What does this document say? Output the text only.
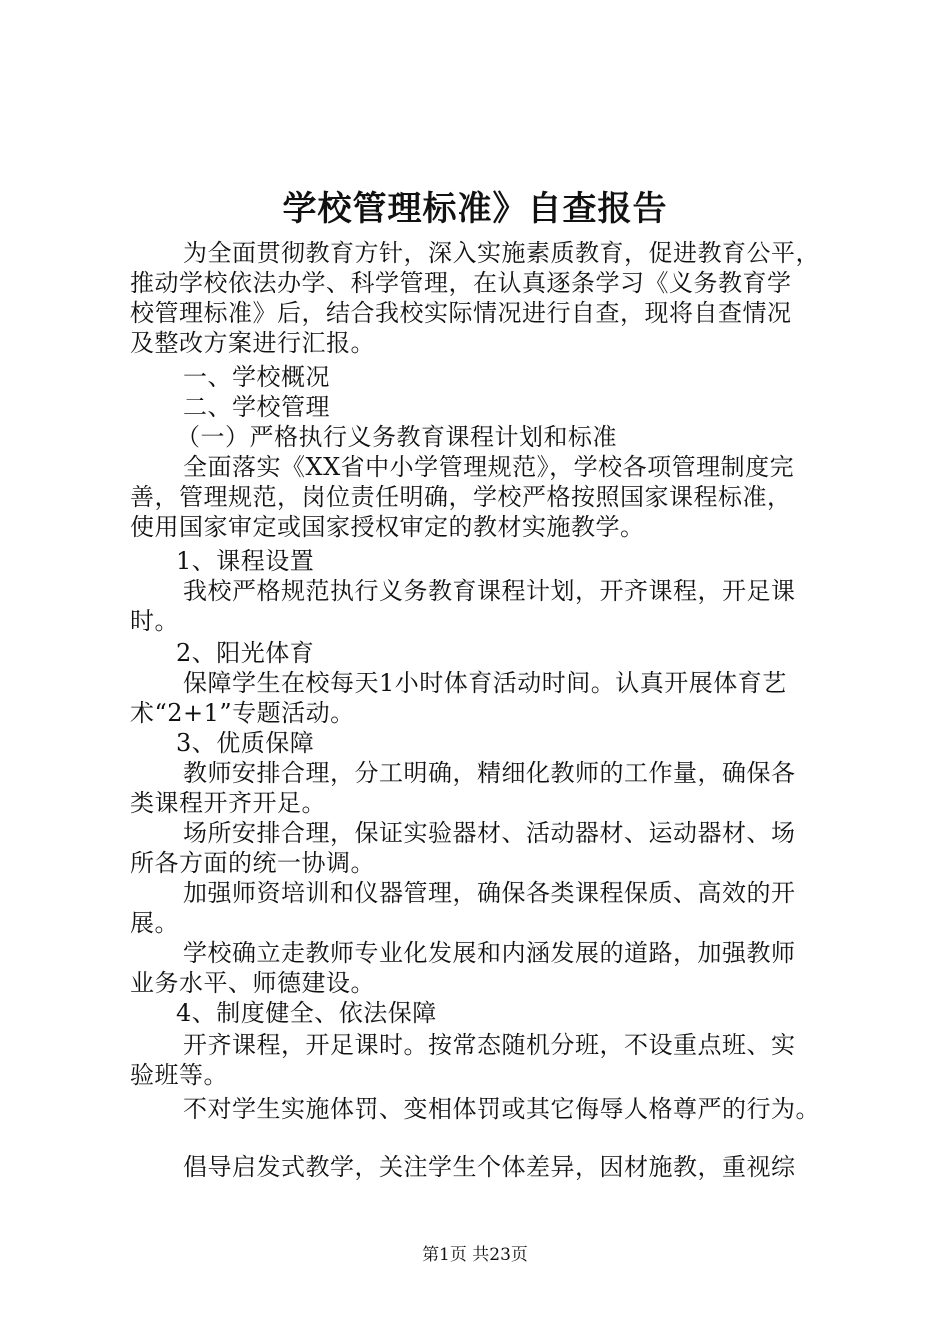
学校管理标准》自查报告
为全面贯彻教育方针，深入实施素质教育，促进教育公平，
推动学校依法办学、科学管理，在认真逐条学习《义务教育学
校管理标准》后，结合我校实际情况进行自查，现将自查情况
及整改方案进行汇报。
一、学校概况
二、学校管理
（一）严格执行义务教育课程计划和标准
全面落实《XX省中小学管理规范》，学校各项管理制度完
善，管理规范，岗位责任明确，学校严格按照国家课程标准，
使用国家审定或国家授权审定的教材实施教学。
1、课程设置
我校严格规范执行义务教育课程计划，开齐课程，开足课
时。
2、阳光体育
保障学生在校每天1小时体育活动时间。认真开展体育艺
术“2+1”专题活动。
3、优质保障
教师安排合理，分工明确，精细化教师的工作量，确保各
类课程开齐开足。
场所安排合理，保证实验器材、活动器材、运动器材、场
所各方面的统一协调。
加强师资培训和仪器管理，确保各类课程保质、高效的开
展。
学校确立走教师专业化发展和内涵发展的道路，加强教师
业务水平、师德建设。
4、制度健全、依法保障
开齐课程，开足课时。按常态随机分班，不设重点班、实
验班等。
不对学生实施体罚、变相体罚或其它侮辱人格尊严的行为。
倡导启发式教学，关注学生个体差异，因材施教，重视综
第1页 共23页
